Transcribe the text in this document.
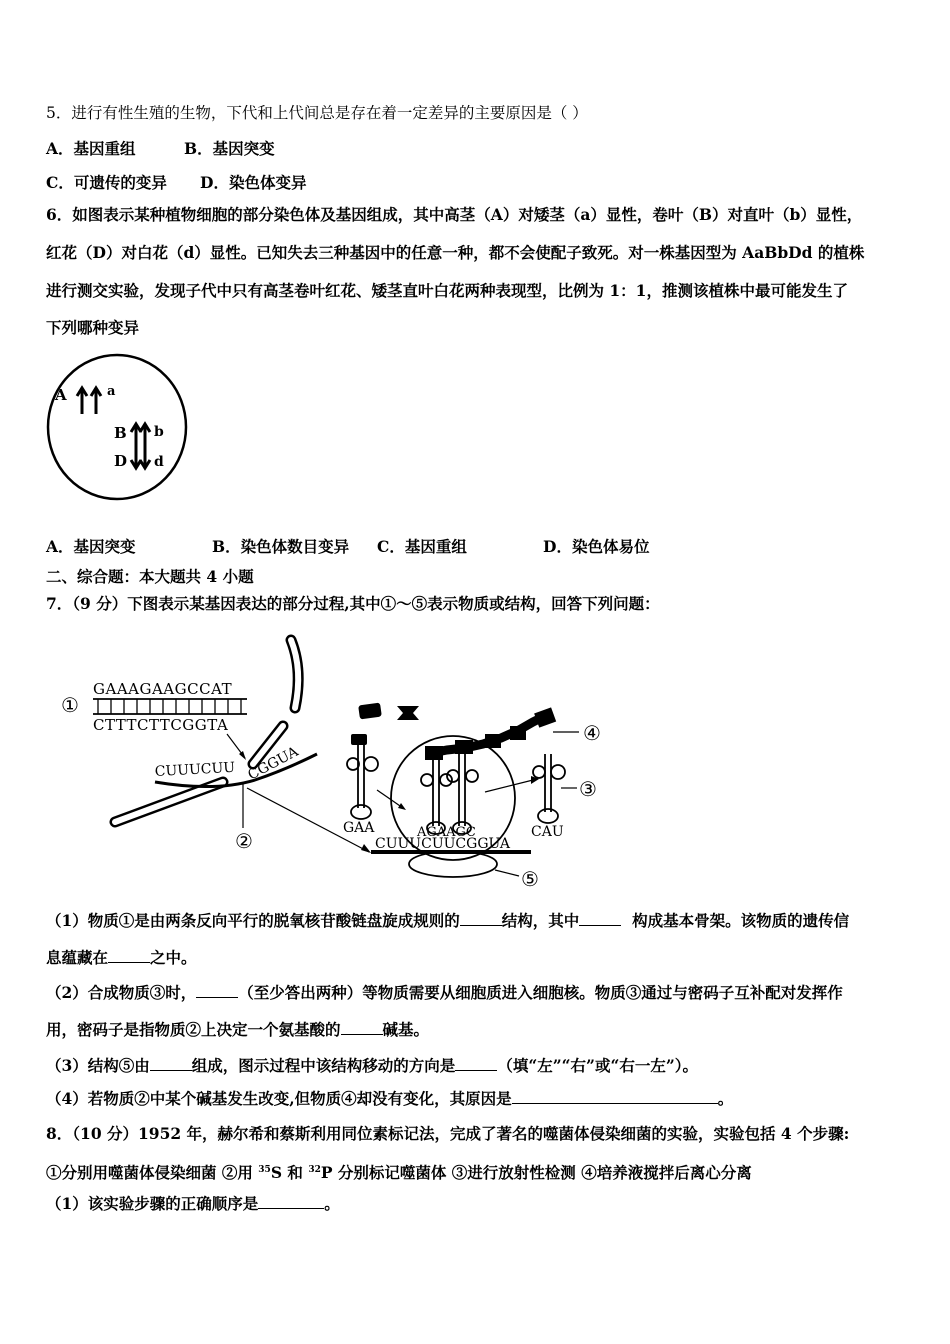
5．进行有性生殖的生物，下代和上代间总是存在着一定差异的主要原因是（ ）
A．基因重组	B．基因突变
C．可遗传的变异 D．染色体变异
6．如图表示某种植物细胞的部分染色体及基因组成，其中高茎（A）对矮茎（a）显性，卷叶（B）对直叶（b）显性，
红花（D）对白花（d）显性。已知失去三种基因中的任意一种，都不会使配子致死。对一株基因型为 AaBbDd 的植株
进行测交实验，发现子代中只有高茎卷叶红花、矮茎直叶白花两种表现型，比例为 1：1，推测该植株中最可能发生了
下列哪种变异
A	a
B
D
b
d
A．基因突变	B．染色体数目变异 C．基因重组	D．染色体易位
二、综合题：本大题共 4 小题
7．（9 分）下图表示某基因表达的部分过程,其中①～⑤表示物质或结构，回答下列问题：
①
GAAAGAAGCCAT
CTTTCTTCGGTA
CUUUCUU CGGUA
②
GAA
④
AGAAGC	CAU
③
CUUUCUUCGGUA
⑤
（1）物质①是由两条反向平行的脱氧核苷酸链盘旋成规则的	结构，其中	构成基本骨架。该物质的遗传信
息蕴藏在	之中。
（2）合成物质③时，	（至少答出两种）等物质需要从细胞质进入细胞核。物质③通过与密码子互补配对发挥作
用，密码子是指物质②上决定一个氨基酸的	碱基。
（3）结构⑤由	组成，图示过程中该结构移动的方向是	（填“左”“右”或“右一左”）。
（4）若物质②中某个碱基发生改变,但物质④却没有变化，其原因是	。
8．（10 分）1952 年，赫尔希和蔡斯利用同位素标记法，完成了著名的噬菌体侵染细菌的实验，实验包括 4 个步骤:
①分别用噬菌体侵染细菌 ②用 $^{35}$S 和 $^{32}$P 分别标记噬菌体 ③进行放射性检测 ④培养液搅拌后离心分离
（1）该实验步骤的正确顺序是	。
